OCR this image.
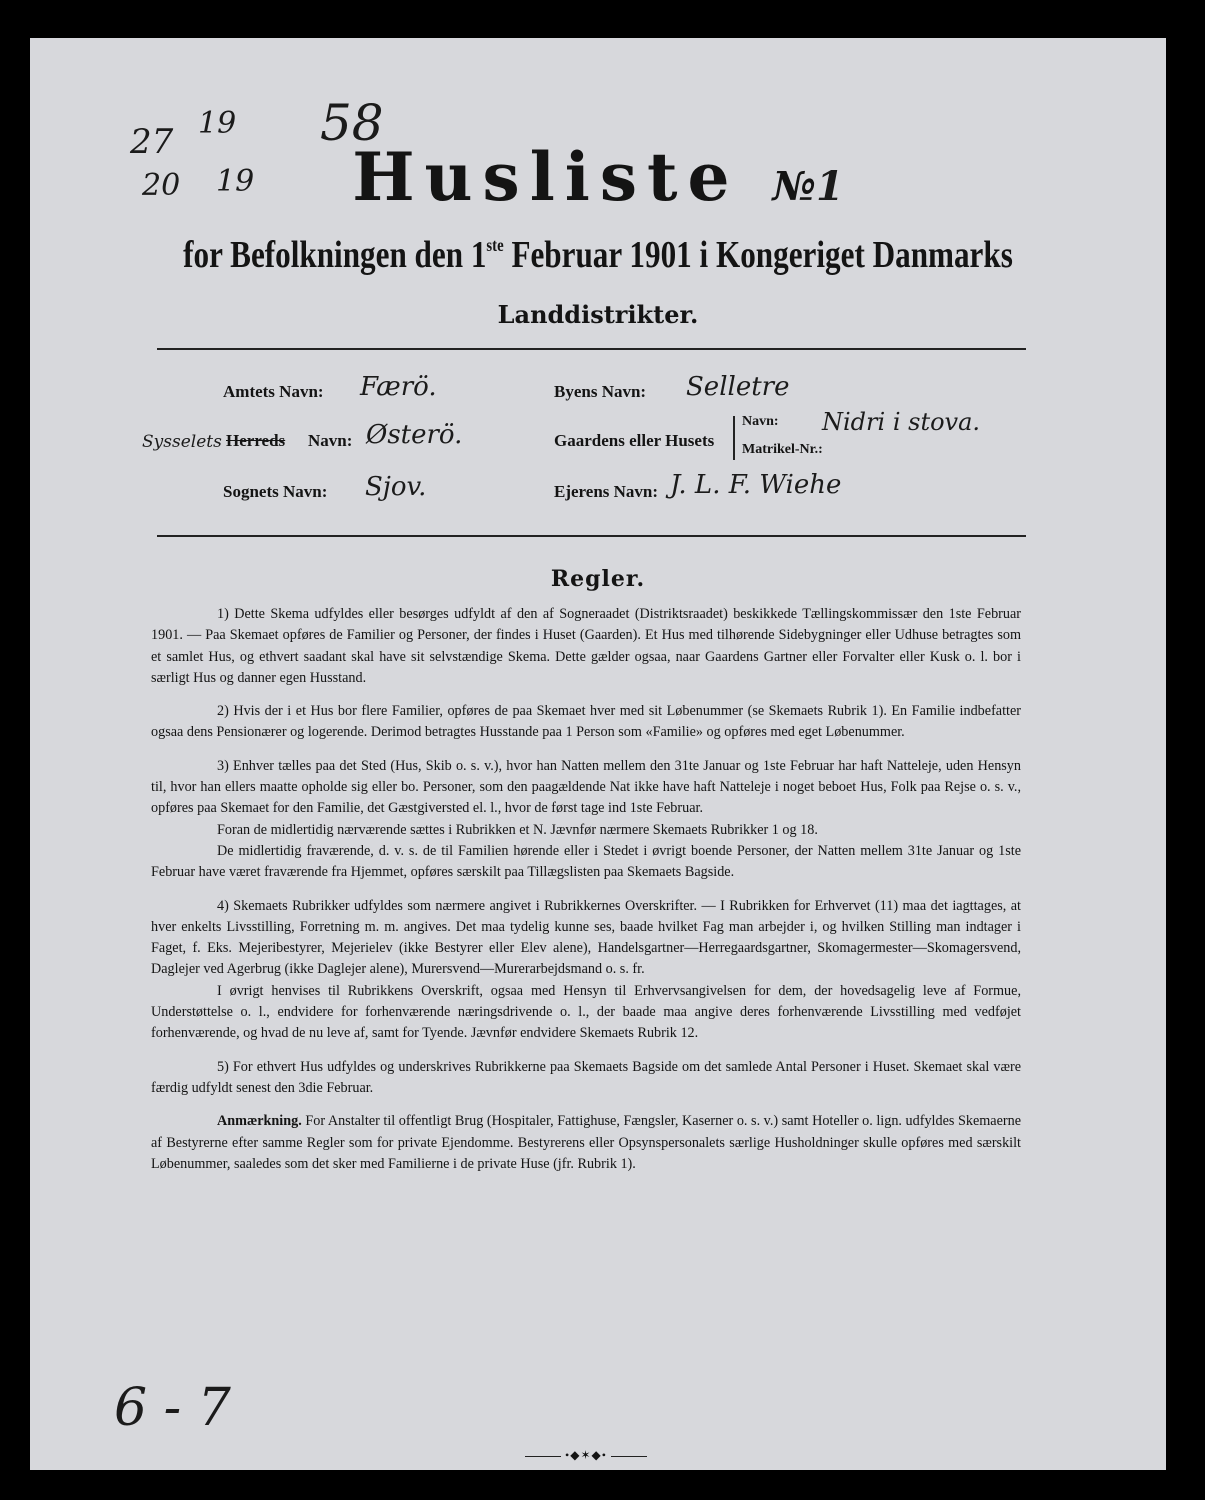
27 19
20 19
58
Husliste №1
for Befolkningen den 1ste Februar 1901 i Kongeriget Danmarks
Landdistrikter.
Amtets Navn: Færö.
Sysselets Herreds Navn: Østerö.
Sognets Navn: Sjov.
Byens Navn: Selletre
Gaardens eller Husets
Navn: Nidri i stova.
Matrikel-Nr.:
Ejerens Navn: J. L. F. Wiehe
Regler.

1) Dette Skema udfyldes eller besørges udfyldt af den af Sogneraadet (Distriktsraadet) beskikkede Tællingskommissær den 1ste Februar 1901. — Paa Skemaet opføres de Familier og Personer, der findes i Huset (Gaarden). Et Hus med tilhørende Sidebygninger eller Udhuse betragtes som et samlet Hus, og ethvert saadant skal have sit selvstændige Skema. Dette gælder ogsaa, naar Gaardens Gartner eller Forvalter eller Kusk o. l. bor i særligt Hus og danner egen Husstand.

2) Hvis der i et Hus bor flere Familier, opføres de paa Skemaet hver med sit Løbenummer (se Skemaets Rubrik 1). En Familie indbefatter ogsaa dens Pensionærer og logerende. Derimod betragtes Husstande paa 1 Person som «Familie» og opføres med eget Løbenummer.

3) Enhver tælles paa det Sted (Hus, Skib o. s. v.), hvor han Natten mellem den 31te Januar og 1ste Februar har haft Natteleje, uden Hensyn til, hvor han ellers maatte opholde sig eller bo. Personer, som den paagældende Nat ikke have haft Natteleje i noget beboet Hus, Folk paa Rejse o. s. v., opføres paa Skemaet for den Familie, det Gæstgiversted el. l., hvor de først tage ind 1ste Februar.

Foran de midlertidig nærværende sættes i Rubrikken et N. Jævnfør nærmere Skemaets Rubrikker 1 og 18.

De midlertidig fraværende, d. v. s. de til Familien hørende eller i Stedet i øvrigt boende Personer, der Natten mellem 31te Januar og 1ste Februar have været fraværende fra Hjemmet, opføres særskilt paa Tillægslisten paa Skemaets Bagside.

4) Skemaets Rubrikker udfyldes som nærmere angivet i Rubrikkernes Overskrifter. — I Rubrikken for Erhvervet (11) maa det iagttages, at hver enkelts Livsstilling, Forretning m. m. angives. Det maa tydelig kunne ses, baade hvilket Fag man arbejder i, og hvilken Stilling man indtager i Faget, f. Eks. Mejeribestyrer, Mejerielev (ikke Bestyrer eller Elev alene), Handelsgartner—Herregaardsgartner, Skomagermester—Skomagersvend, Daglejer ved Agerbrug (ikke Daglejer alene), Murersvend—Murerarbejdsmand o. s. fr.

I øvrigt henvises til Rubrikkens Overskrift, ogsaa med Hensyn til Erhvervsangivelsen for dem, der hovedsagelig leve af Formue, Understøttelse o. l., endvidere for forhenværende næringsdrivende o. l., der baade maa angive deres forhenværende Livsstilling med vedføjet forhenværende, og hvad de nu leve af, samt for Tyende. Jævnfør endvidere Skemaets Rubrik 12.

5) For ethvert Hus udfyldes og underskrives Rubrikkerne paa Skemaets Bagside om det samlede Antal Personer i Huset. Skemaet skal være færdig udfyldt senest den 3die Februar.

Anmærkning. For Anstalter til offentligt Brug (Hospitaler, Fattighuse, Fængsler, Kaserner o. s. v.) samt Hoteller o. lign. udfyldes Skemaerne af Bestyrerne efter samme Regler som for private Ejendomme. Bestyrerens eller Opsynspersonalets særlige Husholdninger skulle opføres med særskilt Løbenummer, saaledes som det sker med Familierne i de private Huse (jfr. Rubrik 1).

•◆✶◆•
6 - 7
